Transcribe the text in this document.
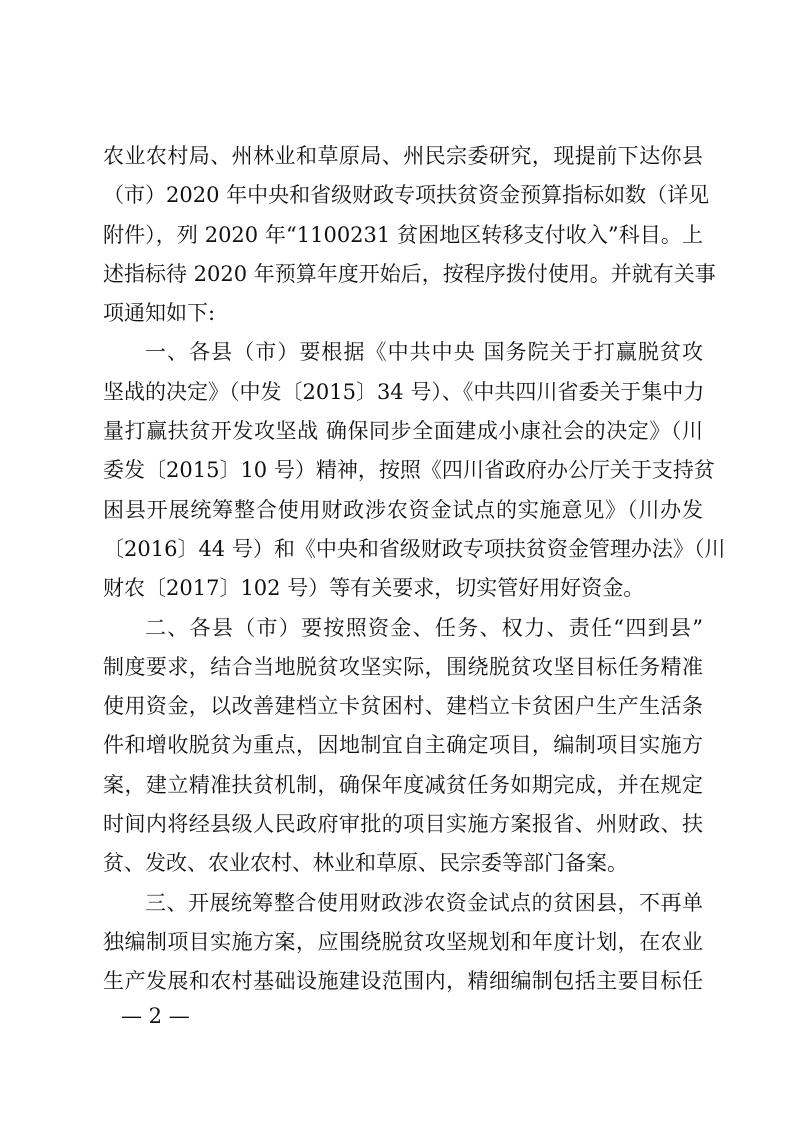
农业农村局、州林业和草原局、州民宗委研究，现提前下达你县
（市）2020 年中央和省级财政专项扶贫资金预算指标如数（详见
附件），列 2020 年“1100231 贫困地区转移支付收入”科目。上
述指标待 2020 年预算年度开始后，按程序拨付使用。并就有关事
项通知如下:
一、各县（市）要根据《中共中央 国务院关于打赢脱贫攻
坚战的决定》（中发〔2015〕34 号）、《中共四川省委关于集中力
量打赢扶贫开发攻坚战 确保同步全面建成小康社会的决定》（川
委发〔2015〕10 号）精神，按照《四川省政府办公厅关于支持贫
困县开展统筹整合使用财政涉农资金试点的实施意见》（川办发
〔2016〕44 号）和《中央和省级财政专项扶贫资金管理办法》（川
财农〔2017〕102 号）等有关要求，切实管好用好资金。
二、各县（市）要按照资金、任务、权力、责任“四到县”
制度要求，结合当地脱贫攻坚实际，围绕脱贫攻坚目标任务精准
使用资金，以改善建档立卡贫困村、建档立卡贫困户生产生活条
件和增收脱贫为重点，因地制宜自主确定项目，编制项目实施方
案，建立精准扶贫机制，确保年度减贫任务如期完成，并在规定
时间内将经县级人民政府审批的项目实施方案报省、州财政、扶
贫、发改、农业农村、林业和草原、民宗委等部门备案。
三、开展统筹整合使用财政涉农资金试点的贫困县，不再单
独编制项目实施方案，应围绕脱贫攻坚规划和年度计划，在农业
生产发展和农村基础设施建设范围内，精细编制包括主要目标任
— 2 —
